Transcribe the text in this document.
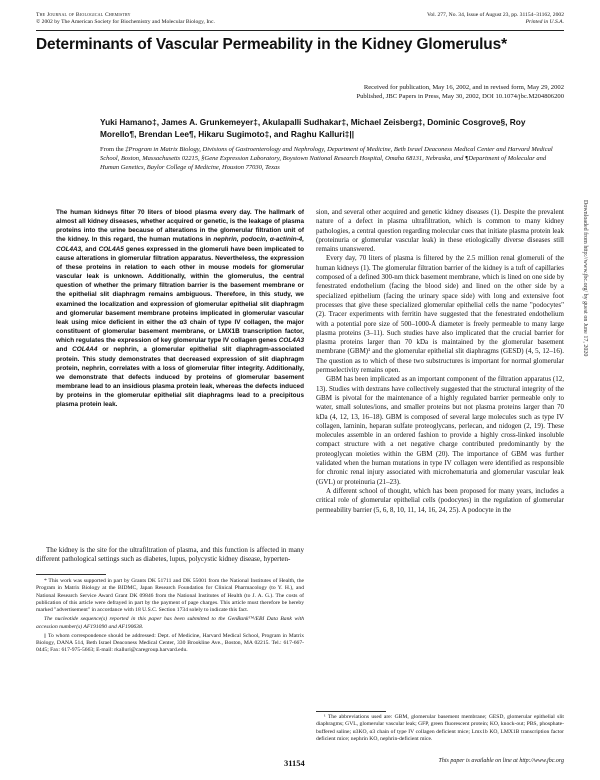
The Journal of Biological Chemistry
© 2002 by The American Society for Biochemistry and Molecular Biology, Inc.
Vol. 277, No. 34, Issue of August 23, pp. 31154–31162, 2002
Printed in U.S.A.
Determinants of Vascular Permeability in the Kidney Glomerulus*
Received for publication, May 16, 2002, and in revised form, May 29, 2002
Published, JBC Papers in Press, May 30, 2002, DOI 10.1074/jbc.M204806200
Yuki Hamano‡, James A. Grunkemeyer‡, Akulapalli Sudhakar‡, Michael Zeisberg‡, Dominic Cosgrove§, Roy Morello¶, Brendan Lee¶, Hikaru Sugimoto‡, and Raghu Kalluri‡||
From the ‡Program in Matrix Biology, Divisions of Gastroenterology and Nephrology, Department of Medicine, Beth Israel Deaconess Medical Center and Harvard Medical School, Boston, Massachusetts 02215, §Gene Expression Laboratory, Boystown National Research Hospital, Omaha 68131, Nebraska, and ¶Department of Molecular and Human Genetics, Baylor College of Medicine, Houston 77030, Texas
The human kidneys filter 70 liters of blood plasma every day. The hallmark of almost all kidney diseases, whether acquired or genetic, is the leakage of plasma proteins into the urine because of alterations in the glomerular filtration unit of the kidney. In this regard, the human mutations in nephrin, podocin, α-actinin-4, COL4A3, and COL4A5 genes expressed in the glomeruli have been implicated to cause alterations in glomerular filtration apparatus. Nevertheless, the expression of these proteins in relation to each other in mouse models for glomerular vascular leak is unknown. Additionally, within the glomerulus, the central question of whether the primary filtration barrier is the basement membrane or the epithelial slit diaphragm remains ambiguous. Therefore, in this study, we examined the localization and expression of glomerular epithelial slit diaphragm and glomerular basement membrane proteins implicated in glomerular vascular leak using mice deficient in either the α3 chain of type IV collagen, the major constituent of glomerular basement membrane, or LMX1B transcription factor, which regulates the expression of key glomerular type IV collagen genes COL4A3 and COL4A4 or nephrin, a glomerular epithelial slit diaphragm-associated protein. This study demonstrates that decreased expression of slit diaphragm protein, nephrin, correlates with a loss of glomerular filter integrity. Additionally, we demonstrate that defects induced by proteins of glomerular basement membrane lead to an insidious plasma protein leak, whereas the defects induced by proteins in the glomerular epithelial slit diaphragms lead to a precipitous plasma protein leak.
The kidney is the site for the ultrafiltration of plasma, and this function is affected in many different pathological settings such as diabetes, lupus, polycystic kidney disease, hyperten-

* This work was supported in part by Grants DK 51711 and DK 55001 from the National Institutes of Health, the Program in Matrix Biology at the BIDMC, Japan Research Foundation for Clinical Pharmacology (to Y. H.), and National Research Service Award Grant DK 09846 from the National Institutes of Health (to J. A. G.). The costs of publication of this article were defrayed in part by the payment of page charges. This article must therefore be hereby marked "advertisement" in accordance with 18 U.S.C. Section 1734 solely to indicate this fact.

The nucleotide sequence(s) reported in this paper has been submitted to the GenBank™/EBI Data Bank with accession number(s) AF191090 and AF190638.

|| To whom correspondence should be addressed: Dept. of Medicine, Harvard Medical School, Program in Matrix Biology, DANA 514, Beth Israel Deaconess Medical Center, 330 Brookline Ave., Boston, MA 02215. Tel.: 617-667-0445; Fax: 617-975-5663; E-mail: rkalluri@caregroup.harvard.edu.

sion, and several other acquired and genetic kidney diseases (1). Despite the prevalent nature of a defect in plasma ultrafiltration, which is common to many kidney pathologies, a central question regarding molecular cues that initiate plasma protein leak (proteinuria or glomerular vascular leak) in these etiologically diverse diseases still remains unanswered.

Every day, 70 liters of plasma is filtered by the 2.5 million renal glomeruli of the human kidneys (1). The glomerular filtration barrier of the kidney is a tuft of capillaries composed of a defined 300-nm thick basement membrane, which is lined on one side by fenestrated endothelium (facing the blood side) and lined on the other side by a specialized epithelium (facing the urinary space side) with long and extensive foot processes that give these specialized glomerular epithelial cells the name "podocytes" (2). Tracer experiments with ferritin have suggested that the fenestrated endothelium with a potential pore size of 500–1000-Å diameter is freely permeable to many large plasma proteins (3–11). Such studies have also implicated that the crucial barrier for plasma proteins larger than 70 kDa is maintained by the glomerular basement membrane (GBM)¹ and the glomerular epithelial slit diaphragms (GESD) (4, 5, 12–16). The question as to which of these two substructures is important for normal glomerular permselectivity remains open.

GBM has been implicated as an important component of the filtration apparatus (12, 13). Studies with dextrans have collectively suggested that the structural integrity of the GBM is pivotal for the maintenance of a highly regulated barrier permeable only to water, small solutes/ions, and smaller proteins but not plasma proteins larger than 70 kDa (4, 12, 13, 16–18). GBM is composed of several large molecules such as type IV collagen, laminin, heparan sulfate proteoglycans, perlecan, and nidogen (2, 19). These molecules assemble in an ordered fashion to provide a highly cross-linked insoluble compact structure with a net negative charge contributed predominantly by the proteoglycan moieties within the GBM (20). The importance of GBM was further validated when the human mutations in type IV collagen were identified as responsible for chronic renal injury associated with microhematuria and glomerular vascular leak (GVL) or proteinuria (21–23).

A different school of thought, which has been proposed for many years, includes a critical role of glomerular epithelial cells (podocytes) in the regulation of glomerular permeability barrier (5, 6, 8, 10, 11, 14, 16, 24, 25). A podocyte in the

¹ The abbreviations used are: GBM, glomerular basement membrane; GESD, glomerular epithelial slit diaphragms; GVL, glomerular vascular leak; GFP, green fluorescent protein; KO, knock-out; PBS, phosphate-buffered saline; α3KO, α3 chain of type IV collagen deficient mice; Lmx1b KO, LMX1B transcription factor deficient mice; nephrin KO, nephrin-deficient mice.
31154	This paper is available on line at http://www.jbc.org
Downloaded from http://www.jbc.org/ by guest on June 17, 2020
